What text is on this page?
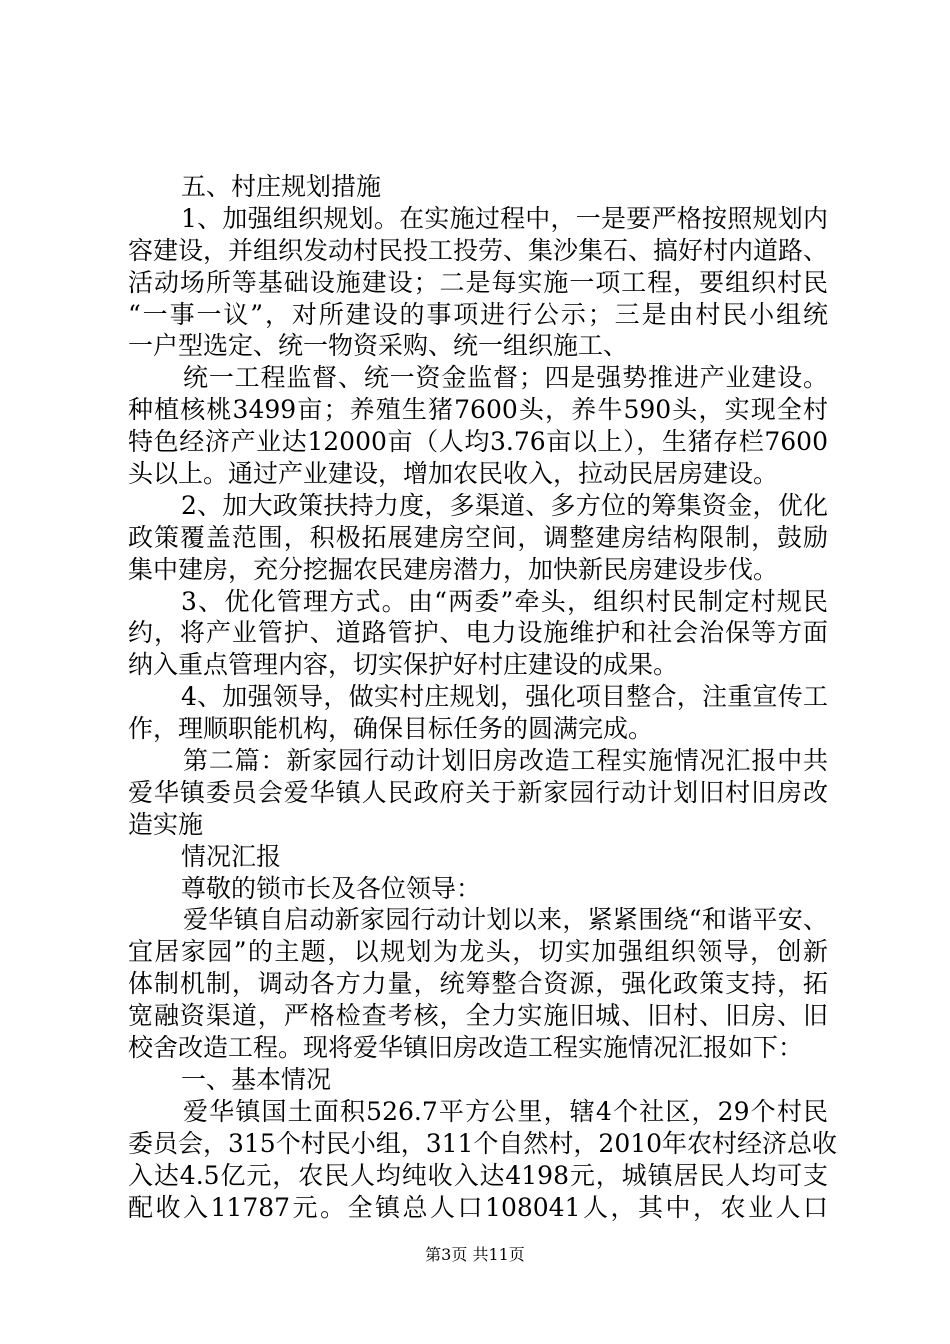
五、村庄规划措施
1、加强组织规划。在实施过程中，一是要严格按照规划内
容建设，并组织发动村民投工投劳、集沙集石、搞好村内道路、
活动场所等基础设施建设；二是每实施一项工程，要组织村民
“一事一议”，对所建设的事项进行公示；三是由村民小组统
一户型选定、统一物资采购、统一组织施工、
统一工程监督、统一资金监督；四是强势推进产业建设。
种植核桃3499亩；养殖生猪7600头，养牛590头，实现全村
特色经济产业达12000亩（人均3.76亩以上），生猪存栏7600
头以上。通过产业建设，增加农民收入，拉动民居房建设。
2、加大政策扶持力度，多渠道、多方位的筹集资金，优化
政策覆盖范围，积极拓展建房空间，调整建房结构限制，鼓励
集中建房，充分挖掘农民建房潜力，加快新民房建设步伐。
3、优化管理方式。由“两委”牵头，组织村民制定村规民
约，将产业管护、道路管护、电力设施维护和社会治保等方面
纳入重点管理内容，切实保护好村庄建设的成果。
4、加强领导，做实村庄规划，强化项目整合，注重宣传工
作，理顺职能机构，确保目标任务的圆满完成。
第二篇：新家园行动计划旧房改造工程实施情况汇报中共
爱华镇委员会爱华镇人民政府关于新家园行动计划旧村旧房改
造实施
情况汇报
尊敬的锁市长及各位领导：
爱华镇自启动新家园行动计划以来，紧紧围绕“和谐平安、
宜居家园”的主题，以规划为龙头，切实加强组织领导，创新
体制机制，调动各方力量，统筹整合资源，强化政策支持，拓
宽融资渠道，严格检查考核，全力实施旧城、旧村、旧房、旧
校舍改造工程。现将爱华镇旧房改造工程实施情况汇报如下：
一、基本情况
爱华镇国土面积526.7平方公里，辖4个社区，29个村民
委员会，315个村民小组，311个自然村，2010年农村经济总收
入达4.5亿元，农民人均纯收入达4198元，城镇居民人均可支
配收入11787元。全镇总人口108041人，其中，农业人口
第3页 共11页
